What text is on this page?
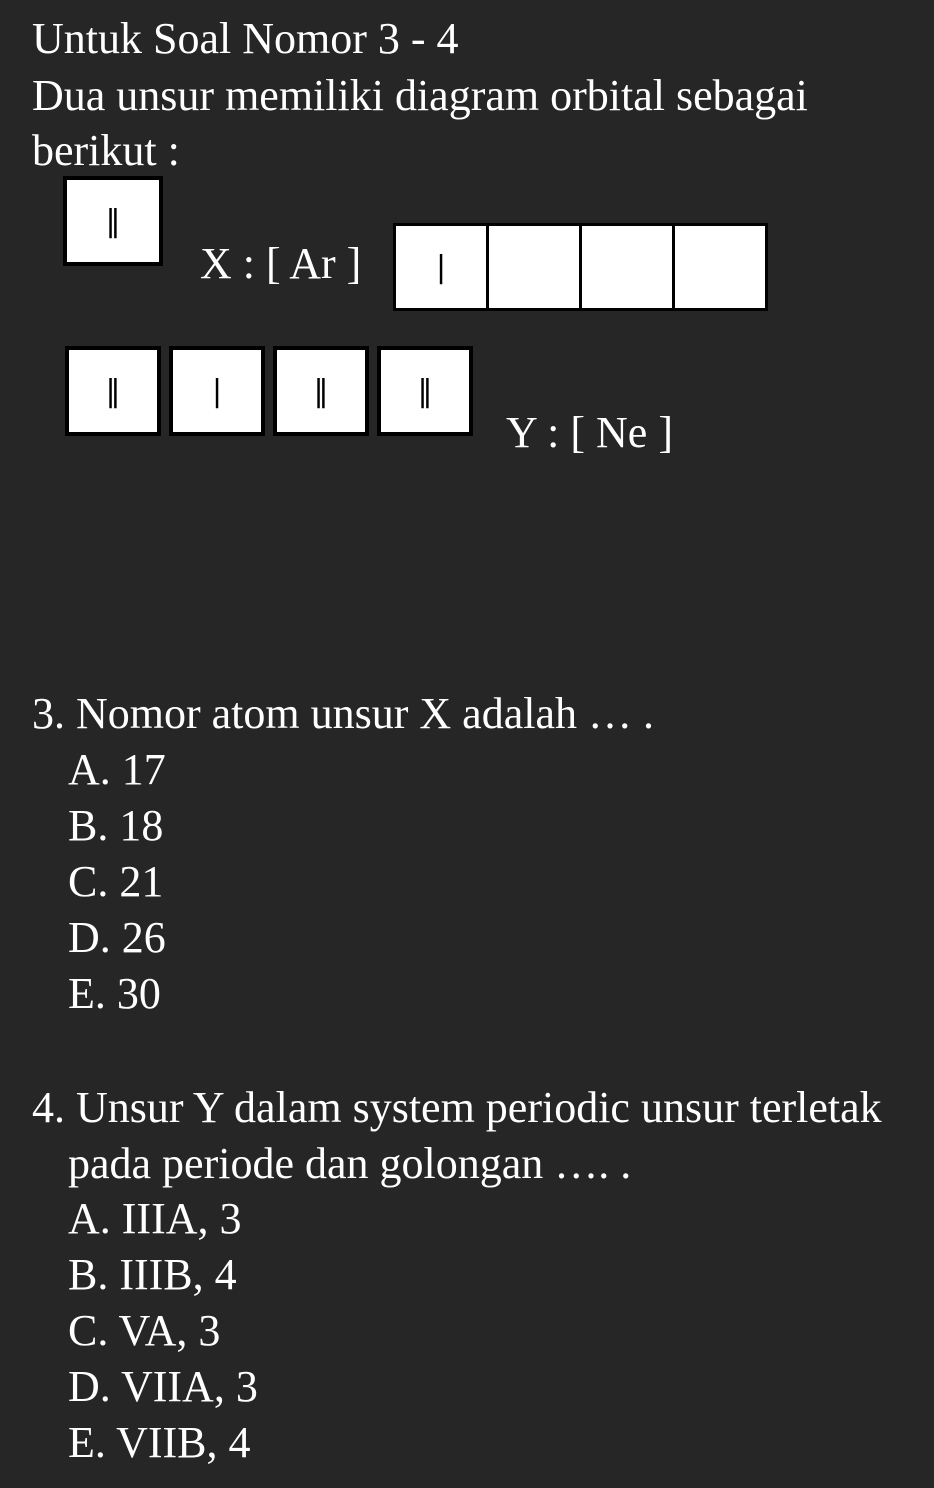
Untuk Soal Nomor 3 - 4
Dua unsur memiliki diagram orbital sebagai
berikut :
‖
X : [ Ar ]	|
‖	|	‖	‖
Y : [ Ne ]
3. Nomor atom unsur X adalah … .
A. 17
B. 18
C. 21
D. 26
E. 30
4. Unsur Y dalam system periodic unsur terletak
pada periode dan golongan …. .
A. IIIA, 3
B. IIIB, 4
C. VA, 3
D. VIIA, 3
E. VIIB, 4
